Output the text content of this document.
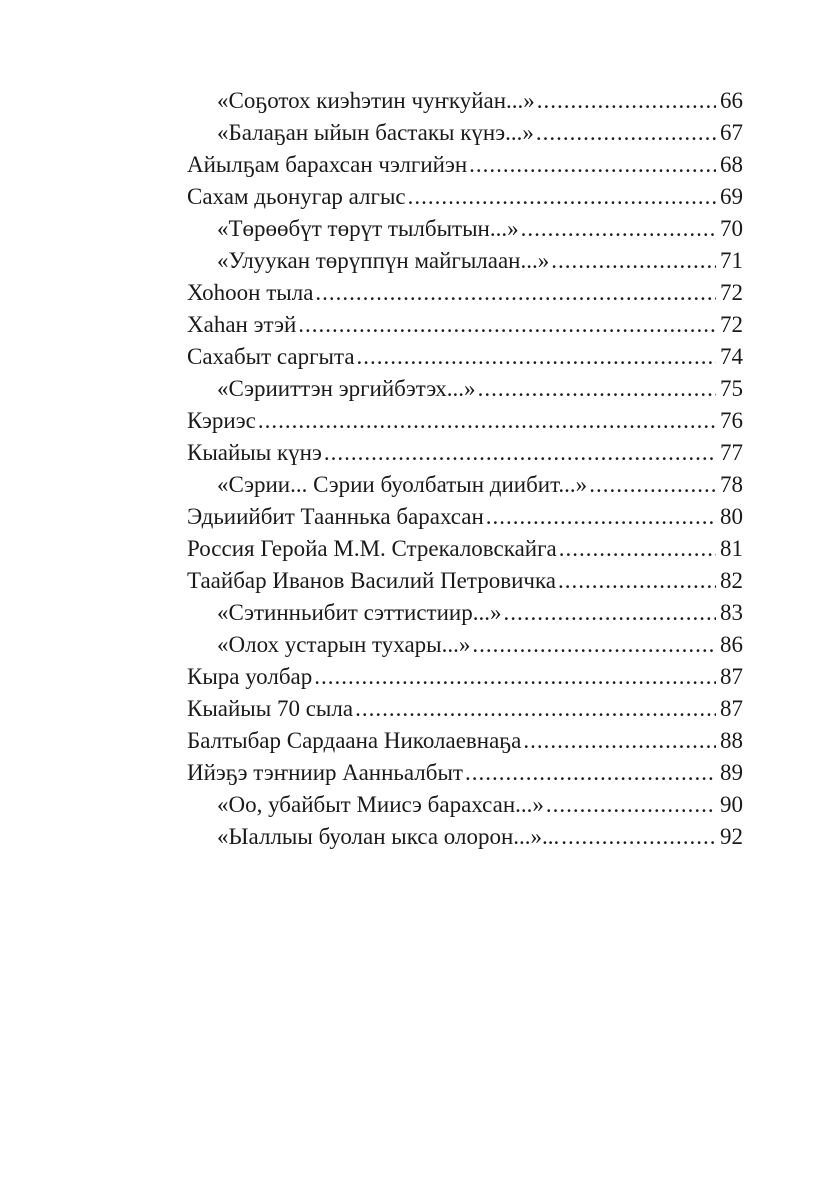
«Соҕотох киэһэтин чуҥкуйан...» .....	66
«Балаҕан ыйын бастакы күнэ...» .....	67
Айылҕам барахсан чэлгийэн .....	68
Сахам дьонугар алгыс .....	69
«Төрөөбүт төрүт тылбытын...» .....	70
«Улуукан төрүппүн майгылаан...» .....	71
Хоһоон тыла .....	72
Хаһан этэй .....	72
Сахабыт саргыта .....	74
«Сэрииттэн эргийбэтэх...» .....	75
Кэриэс .....	76
Кыайыы күнэ .....	77
«Сэрии... Сэрии буолбатын диибит...» .....	78
Эдьиийбит Тааннька барахсан .....	80
Россия Геройа М.М. Стрекаловскайга .....	81
Таайбар Иванов Василий Петровичка .....	82
«Сэтинньибит сэттистиир...» .....	83
«Олох устарын тухары...» .....	86
Кыра уолбар .....	87
Кыайыы 70 сыла .....	87
Балтыбар Сардаана Николаевнаҕа .....	88
Ийэҕэ тэҥниир Аанньалбыт .....	89
«Оо, убайбыт Миисэ барахсан...» .....	90
«Ыаллыы буолан ыкса олорон...»... .....	92
